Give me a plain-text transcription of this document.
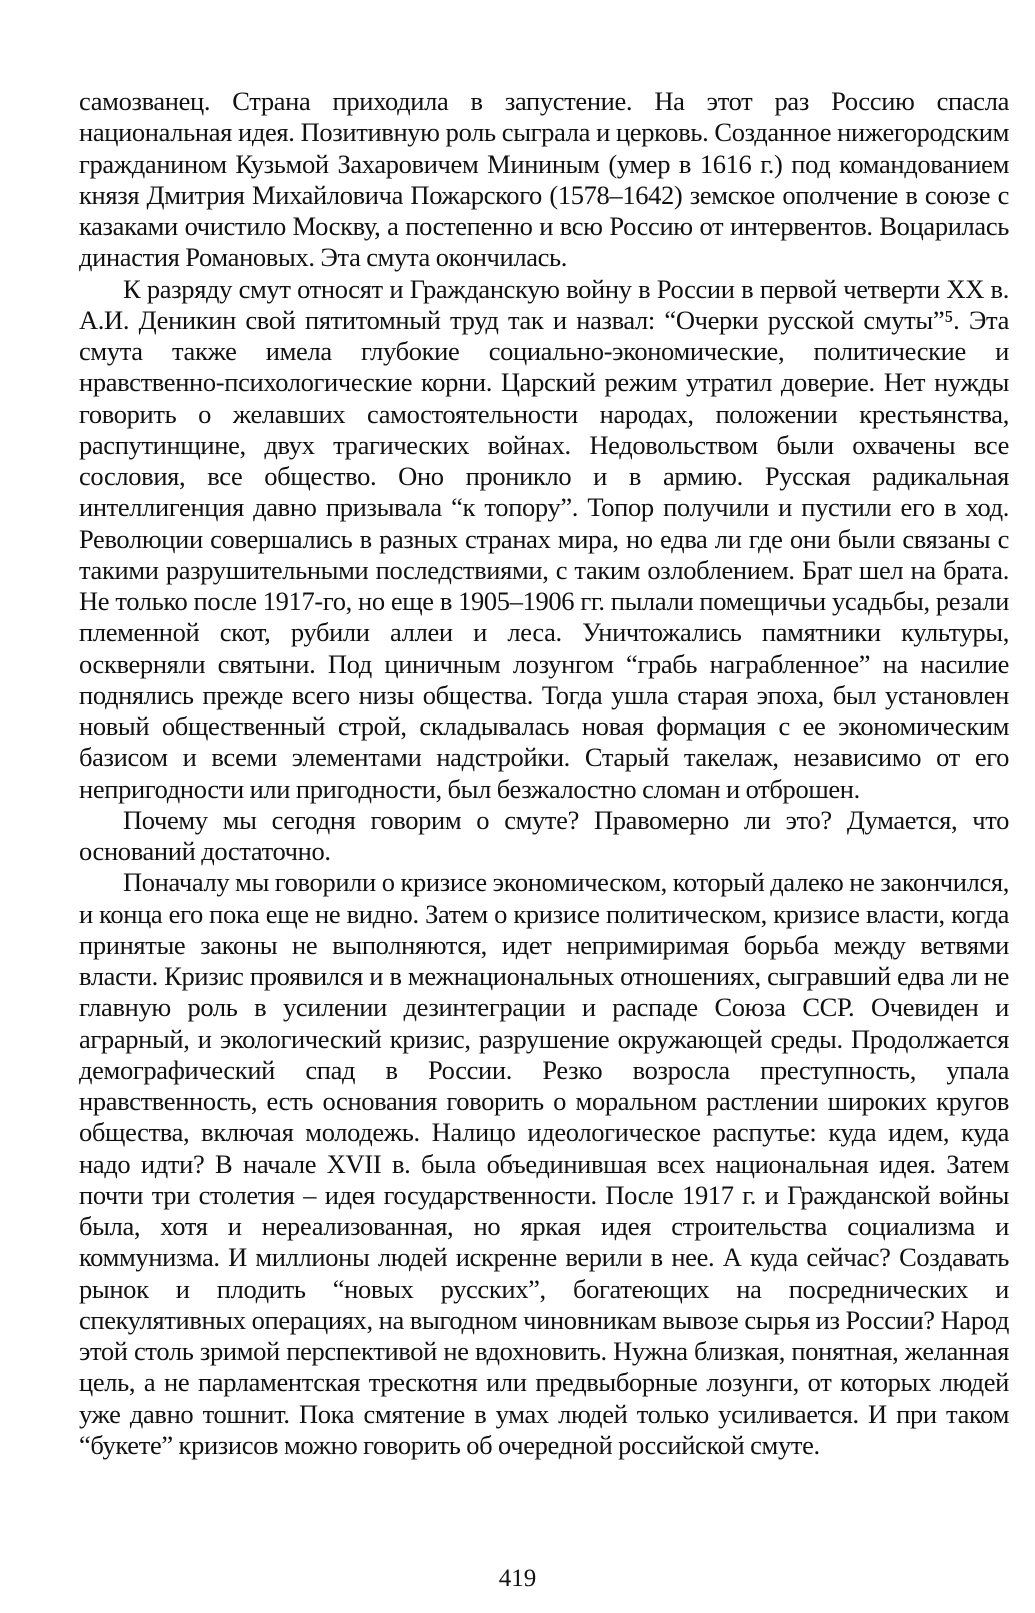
самозванец. Страна приходила в запустение. На этот раз Россию спасла национальная идея. Позитивную роль сыграла и церковь. Созданное нижегородским гражданином Кузьмой Захаровичем Мининым (умер в 1616 г.) под командованием князя Дмитрия Михайловича Пожарского (1578–1642) земское ополчение в союзе с казаками очистило Москву, а постепенно и всю Россию от интервентов. Воцарилась династия Романовых. Эта смута окончилась.

К разряду смут относят и Гражданскую войну в России в первой четверти XX в. А.И. Деникин свой пятитомный труд так и назвал: “Очерки русской смуты”⁵. Эта смута также имела глубокие социально-экономические, политические и нравственно-психологические корни. Царский режим утратил доверие. Нет нужды говорить о желавших самостоятельности народах, положении крестьянства, распутинщине, двух трагических войнах. Недовольством были охвачены все сословия, все общество. Оно проникло и в армию. Русская радикальная интеллигенция давно призывала “к топору”. Топор получили и пустили его в ход. Революции совершались в разных странах мира, но едва ли где они были связаны с такими разрушительными последствиями, с таким озлоблением. Брат шел на брата. Не только после 1917-го, но еще в 1905–1906 гг. пылали помещичьи усадьбы, резали племенной скот, рубили аллеи и леса. Уничтожались памятники культуры, оскверняли святыни. Под циничным лозунгом “грабь награбленное” на насилие поднялись прежде всего низы общества. Тогда ушла старая эпоха, был установлен новый общественный строй, складывалась новая формация с ее экономическим базисом и всеми элементами надстройки. Старый такелаж, независимо от его непригодности или пригодности, был безжалостно сломан и отброшен.

Почему мы сегодня говорим о смуте? Правомерно ли это? Думается, что оснований достаточно.

Поначалу мы говорили о кризисе экономическом, который далеко не закончился, и конца его пока еще не видно. Затем о кризисе политическом, кризисе власти, когда принятые законы не выполняются, идет непримиримая борьба между ветвями власти. Кризис проявился и в межнациональных отношениях, сыгравший едва ли не главную роль в усилении дезинтеграции и распаде Союза ССР. Очевиден и аграрный, и экологический кризис, разрушение окружающей среды. Продолжается демографический спад в России. Резко возросла преступность, упала нравственность, есть основания говорить о моральном растлении широких кругов общества, включая молодежь. Налицо идеологическое распутье: куда идем, куда надо идти? В начале XVII в. была объединившая всех национальная идея. Затем почти три столетия – идея государственности. После 1917 г. и Гражданской войны была, хотя и нереализованная, но яркая идея строительства социализма и коммунизма. И миллионы людей искренне верили в нее. А куда сейчас? Создавать рынок и плодить “новых русских”, богатеющих на посреднических и спекулятивных операциях, на выгодном чиновникам вывозе сырья из России? Народ этой столь зримой перспективой не вдохновить. Нужна близкая, понятная, желанная цель, а не парламентская трескотня или предвыборные лозунги, от которых людей уже давно тошнит. Пока смятение в умах людей только усиливается. И при таком “букете” кризисов можно говорить об очередной российской смуте.

419
